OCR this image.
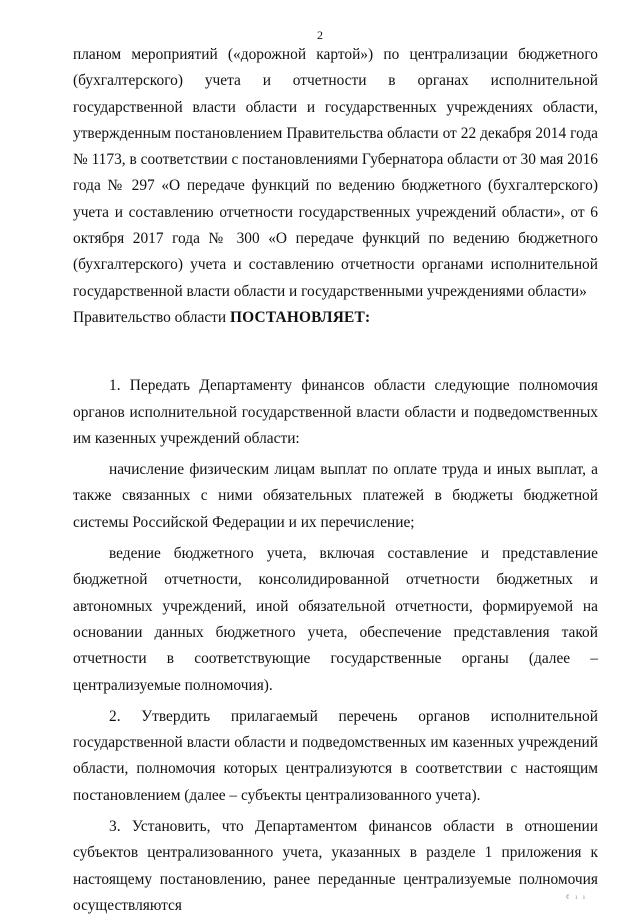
2

планом мероприятий («дорожной картой») по централизации бюджетного (бухгалтерского) учета и отчетности в органах исполнительной государственной власти области и государственных учреждениях области, утвержденным постановлением Правительства области от 22 декабря 2014 года № 1173, в соответствии с постановлениями Губернатора области от 30 мая 2016 года № 297 «О передаче функций по ведению бюджетного (бухгалтерского) учета и составлению отчетности государственных учреждений области», от 6 октября 2017 года № 300 «О передаче функций по ведению бюджетного (бухгалтерского) учета и составлению отчетности органами исполнительной государственной власти области и государственными учреждениями области»

Правительство области ПОСТАНОВЛЯЕТ:

1. Передать Департаменту финансов области следующие полномочия органов исполнительной государственной власти области и подведомственных им казенных учреждений области:

начисление физическим лицам выплат по оплате труда и иных выплат, а также связанных с ними обязательных платежей в бюджеты бюджетной системы Российской Федерации и их перечисление;

ведение бюджетного учета, включая составление и представление бюджетной отчетности, консолидированной отчетности бюджетных и автономных учреждений, иной обязательной отчетности, формируемой на основании данных бюджетного учета, обеспечение представления такой отчетности в соответствующие государственные органы (далее – централизуемые полномочия).

2. Утвердить прилагаемый перечень органов исполнительной государственной власти области и подведомственных им казенных учреждений области, полномочия которых централизуются в соответствии с настоящим постановлением (далее – субъекты централизованного учета).

3. Установить, что Департаментом финансов области в отношении субъектов централизованного учета, указанных в разделе 1 приложения к настоящему постановлению, ранее переданные централизуемые полномочия осуществляются	¢ ı ı
